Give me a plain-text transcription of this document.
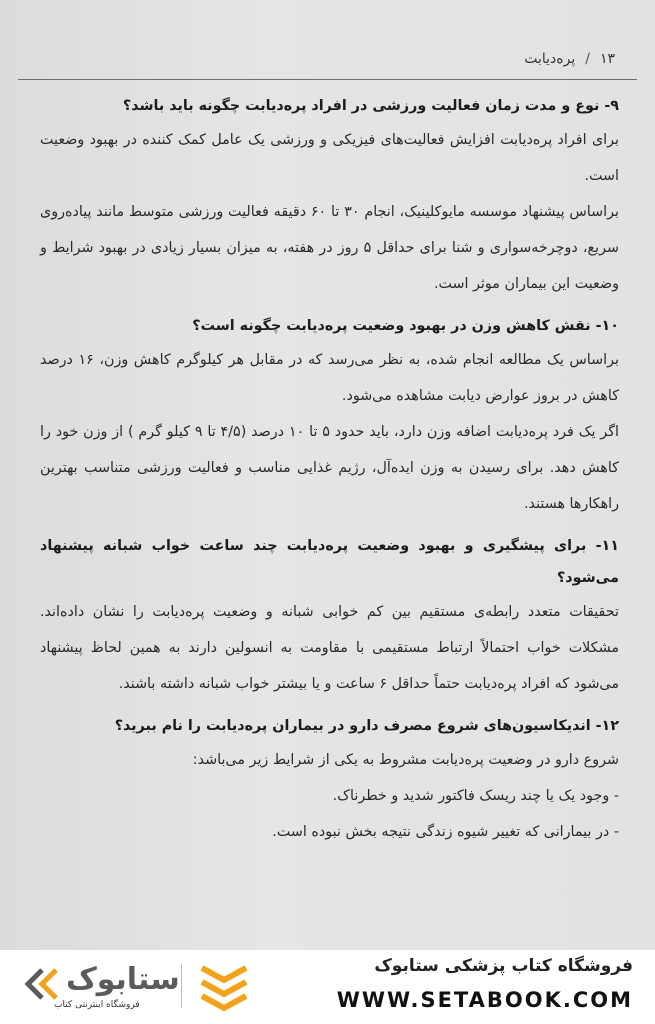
۱۳
/
پره‌دیابت

۹- نوع و مدت زمان فعالیت ورزشی در افراد پره‌دیابت چگونه باید باشد؟

برای افراد پره‌دیابت افزایش فعالیت‌های فیزیکی و ورزشی یک عامل کمک کننده در بهبود وضعیت است.

براساس پیشنهاد موسسه مایوکلینیک، انجام ۳۰ تا ۶۰ دقیقه فعالیت ورزشی متوسط مانند پیاده‌روی سریع، دوچرخه‌سواری و شنا برای حداقل ۵ روز در هفته، به میزان بسیار زیادی در بهبود شرایط و وضعیت این بیماران موثر است.

۱۰- نقش کاهش وزن در بهبود وضعیت پره‌دیابت چگونه است؟

براساس یک مطالعه انجام شده، به نظر می‌رسد که در مقابل هر کیلوگرم کاهش وزن، ۱۶ درصد کاهش در بروز عوارض دیابت مشاهده می‌شود.

اگر یک فرد پره‌دیابت اضافه وزن دارد، باید حدود ۵ تا ۱۰ درصد (۴/۵ تا ۹ کیلو گرم ) از وزن خود را کاهش دهد. برای رسیدن به وزن ایده‌آل، رژیم غذایی مناسب و فعالیت ورزشی متناسب بهترین راهکارها هستند.

۱۱- برای پیشگیری و بهبود وضعیت پره‌دیابت چند ساعت خواب شبانه پیشنهاد می‌شود؟

تحقیقات متعدد رابطه‌ی مستقیم بین کم خوابی شبانه و وضعیت پره‌دیابت را نشان داده‌اند. مشکلات خواب احتمالاً ارتباط مستقیمی با مقاومت به انسولین دارند به همین لحاظ پیشنهاد می‌شود که افراد پره‌دیابت حتماً حداقل ۶ ساعت و یا بیشتر خواب شبانه داشته باشند.

۱۲- اندیکاسیون‌های شروع مصرف دارو در بیماران پره‌دیابت را نام ببرید؟

شروع دارو در وضعیت پره‌دیابت مشروط به یکی از شرایط زیر می‌باشد:

- وجود یک یا چند ریسک فاکتور شدید و خطرناک.
- در بیمارانی که تغییر شیوه زندگی نتیجه بخش نبوده است.
ستابوک
فروشگاه اینترنتی کتاب
فروشگاه کتاب پزشکی ستابوک
WWW.SETABOOK.COM
